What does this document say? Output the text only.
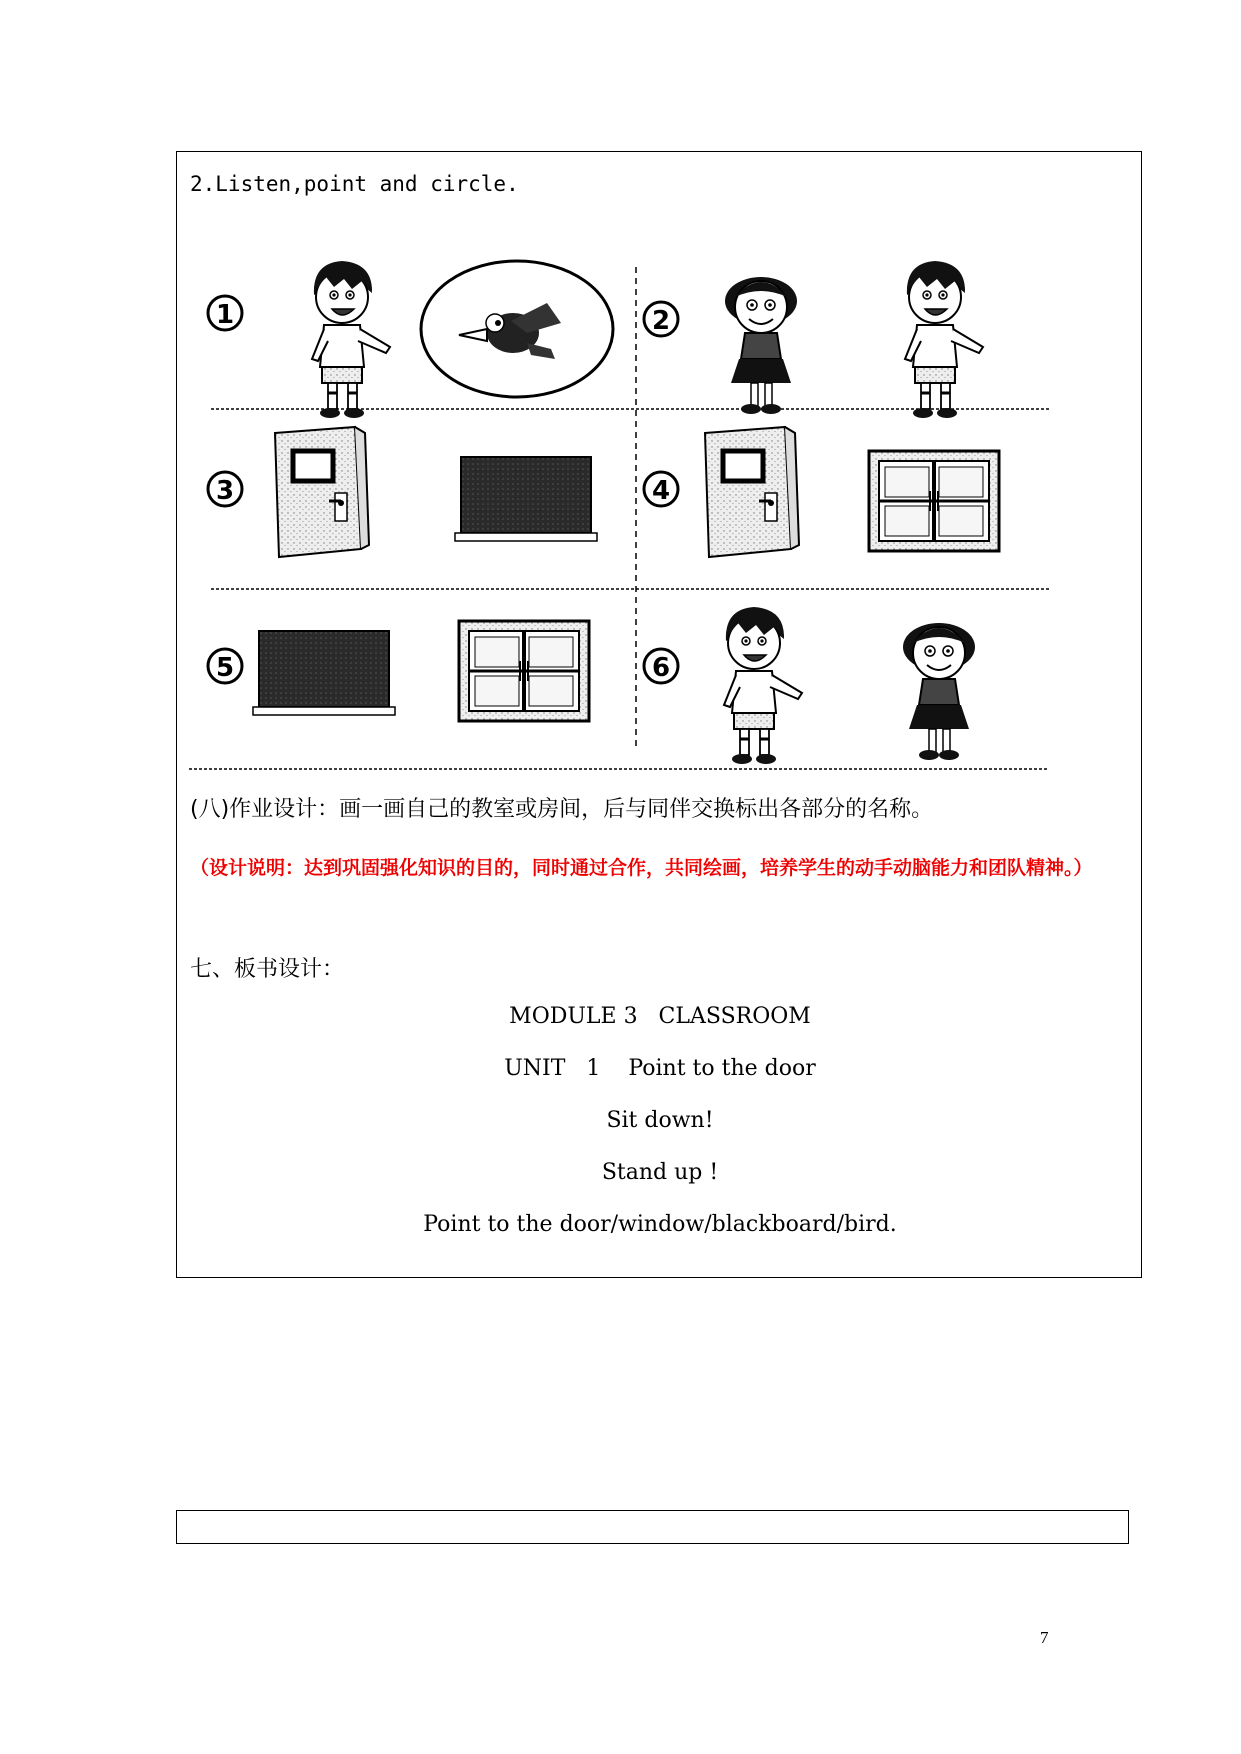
2.Listen,point and circle.
1	2
3	4
5	6
(八)作业设计：画一画自己的教室或房间，后与同伴交换标出各部分的名称。
（设计说明：达到巩固强化知识的目的，同时通过合作，共同绘画，培养学生的动手动脑能力和团队精神。）
七、板书设计：
MODULE 3   CLASSROOM
UNIT   1    Point to the door
Sit down!
Stand up !
Point to the door/window/blackboard/bird.
7
